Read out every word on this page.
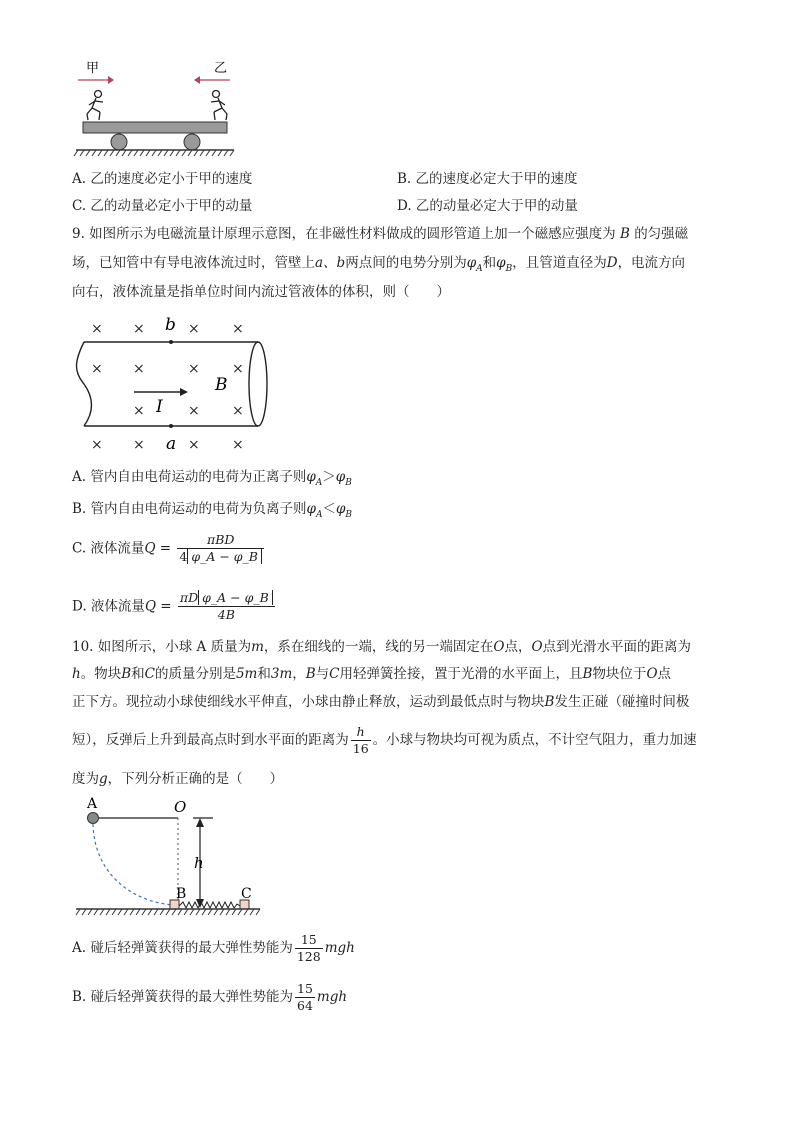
甲	乙
A. 乙的速度必定小于甲的速度	B. 乙的速度必定大于甲的速度
C. 乙的动量必定小于甲的动量	D. 乙的动量必定大于甲的动量
9. 如图所示为电磁流量计原理示意图，在非磁性材料做成的圆形管道上加一个磁感应强度为 B 的匀强磁
场，已知管中有导电液体流过时，管壁上a、b两点间的电势分别为$\varphi_A$和$\varphi_B$，且管道直径为D，电流方向
向右，液体流量是指单位时间内流过管液体的体积，则（　　）
× ×	× ×
× ×	× ×
×	× ×
× ×	× ×
b
a
B
I
A. 管内自由电荷运动的电荷为正离子则$\varphi_A>\varphi_B$
B. 管内自由电荷运动的电荷为负离子则$\varphi_A<\varphi_B$
C. 液体流量$Q = \frac{\text{πBD}}{4 \varphi\_A - \varphi\_B}$
D. 液体流量$Q = \frac{\text{πD φ\_A − φ\_B}}{4B}$
10. 如图所示，小球 A 质量为m，系在细线的一端，线的另一端固定在O点，O点到光滑水平面的距离为
h。物块B和C的质量分别是5m和3m，B与C用轻弹簧拴接，置于光滑的水平面上，且B物块位于O点
正下方。现拉动小球使细线水平伸直，小球由静止释放，运动到最低点时与物块B发生正碰（碰撞时间极
短），反弹后上升到最高点时到水平面的距离为 $\frac{h}{16}$ 。小球与物块均可视为质点，不计空气阻力，重力加速
度为g，下列分析正确的是（　　）
A	O
h
B	C
A. 碰后轻弹簧获得的最大弹性势能为 $\frac{15}{128}$ mgh
B. 碰后轻弹簧获得的最大弹性势能为 $\frac{15}{64}$ mgh
